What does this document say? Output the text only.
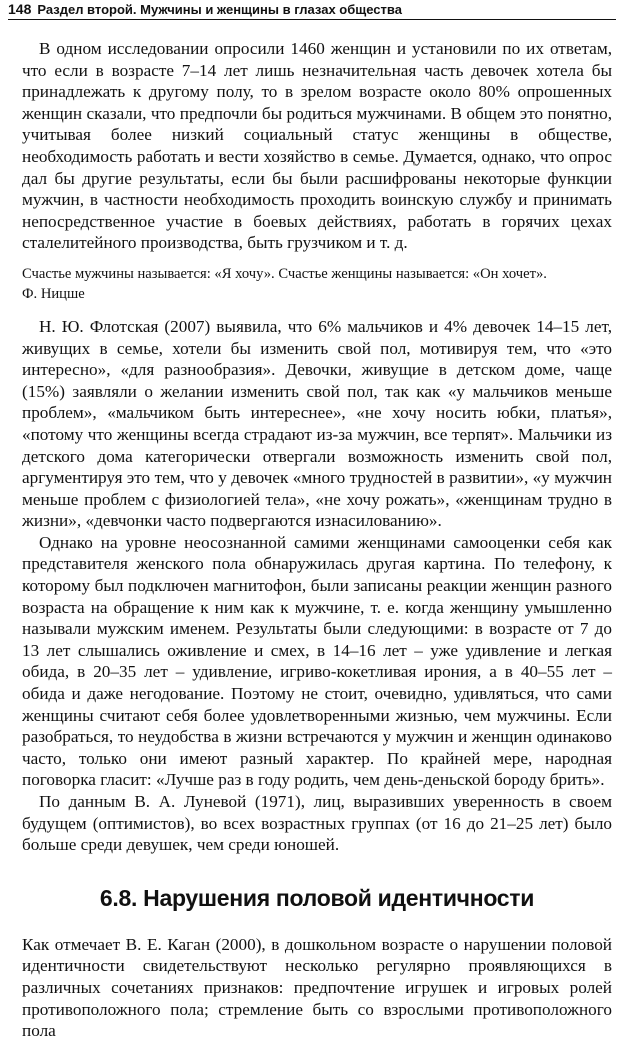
148 Раздел второй. Мужчины и женщины в глазах общества

В одном исследовании опросили 1460 женщин и установили по их ответам, что если в возрасте 7–14 лет лишь незначительная часть девочек хотела бы принадлежать к другому полу, то в зрелом возрасте около 80% опрошенных женщин сказали, что предпочли бы родиться мужчинами. В общем это понятно, учитывая более низкий социальный статус женщины в обществе, необходимость работать и вести хозяйство в семье. Думается, однако, что опрос дал бы другие результаты, если бы были расшифрованы некоторые функции мужчин, в частности необходимость проходить воинскую службу и принимать непосредственное участие в боевых действиях, работать в горячих цехах сталелитейного производства, быть грузчиком и т. д.

Счастье мужчины называется: «Я хочу». Счастье женщины называется: «Он хочет».

Ф. Ницше

Н. Ю. Флотская (2007) выявила, что 6% мальчиков и 4% девочек 14–15 лет, живущих в семье, хотели бы изменить свой пол, мотивируя тем, что «это интересно», «для разнообразия». Девочки, живущие в детском доме, чаще (15%) заявляли о желании изменить свой пол, так как «у мальчиков меньше проблем», «мальчиком быть интереснее», «не хочу носить юбки, платья», «потому что женщины всегда страдают из-за мужчин, все терпят». Мальчики из детского дома категорически отвергали возможность изменить свой пол, аргументируя это тем, что у девочек «много трудностей в развитии», «у мужчин меньше проблем с физиологией тела», «не хочу рожать», «женщинам трудно в жизни», «девчонки часто подвергаются изнасилованию».

Однако на уровне неосознанной самими женщинами самооценки себя как представителя женского пола обнаружилась другая картина. По телефону, к которому был подключен магнитофон, были записаны реакции женщин разного возраста на обращение к ним как к мужчине, т. е. когда женщину умышленно называли мужским именем. Результаты были следующими: в возрасте от 7 до 13 лет слышались оживление и смех, в 14–16 лет – уже удивление и легкая обида, в 20–35 лет – удивление, игриво-кокетливая ирония, а в 40–55 лет – обида и даже негодование. Поэтому не стоит, очевидно, удивляться, что сами женщины считают себя более удовлетворенными жизнью, чем мужчины. Если разобраться, то неудобства в жизни встречаются у мужчин и женщин одинаково часто, только они имеют разный характер. По крайней мере, народная поговорка гласит: «Лучше раз в году родить, чем день-деньской бороду брить».

По данным В. А. Луневой (1971), лиц, выразивших уверенность в своем будущем (оптимистов), во всех возрастных группах (от 16 до 21–25 лет) было больше среди девушек, чем среди юношей.

6.8. Нарушения половой идентичности

Как отмечает В. Е. Каган (2000), в дошкольном возрасте о нарушении половой идентичности свидетельствуют несколько регулярно проявляющихся в различных сочетаниях признаков: предпочтение игрушек и игровых ролей противоположного пола; стремление быть со взрослыми противоположного пола
